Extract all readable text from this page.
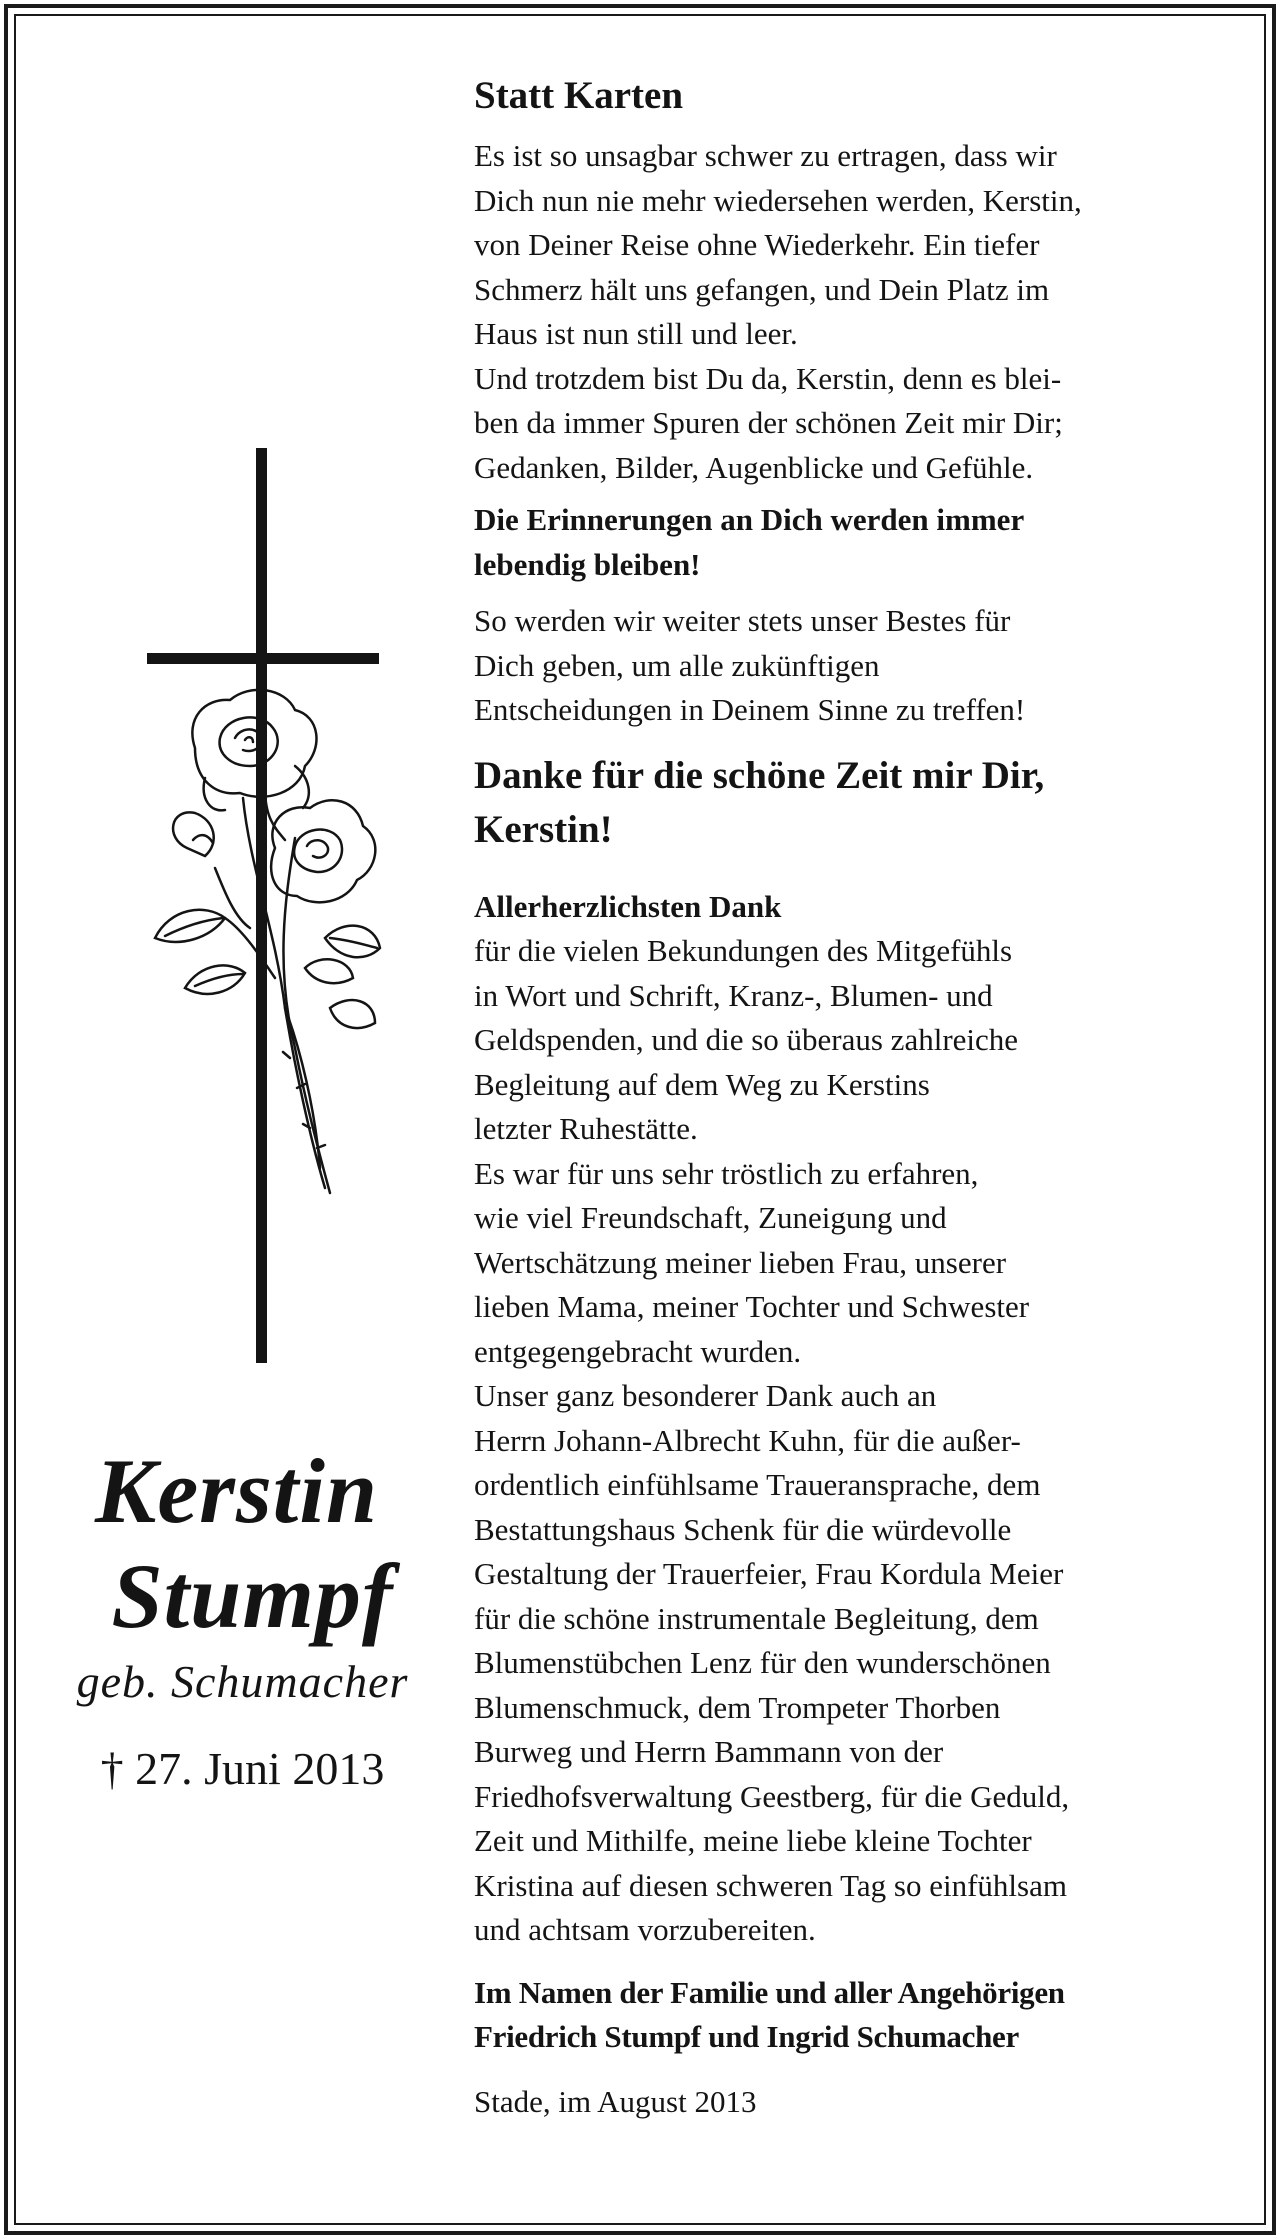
Kerstin
Stumpf
geb. Schumacher
† 27. Juni 2013
Statt Karten
Es ist so unsagbar schwer zu ertragen, dass wir
Dich nun nie mehr wiedersehen werden, Kerstin,
von Deiner Reise ohne Wiederkehr. Ein tiefer
Schmerz hält uns gefangen, und Dein Platz im
Haus ist nun still und leer.
Und trotzdem bist Du da, Kerstin, denn es blei-
ben da immer Spuren der schönen Zeit mir Dir;
Gedanken, Bilder, Augenblicke und Gefühle.
Die Erinnerungen an Dich werden immer
lebendig bleiben!
So werden wir weiter stets unser Bestes für
Dich geben, um alle zukünftigen
Entscheidungen in Deinem Sinne zu treffen!
Danke für die schöne Zeit mir Dir,
Kerstin!
Allerherzlichsten Dank
für die vielen Bekundungen des Mitgefühls
in Wort und Schrift, Kranz-, Blumen- und
Geldspenden, und die so überaus zahlreiche
Begleitung auf dem Weg zu Kerstins
letzter Ruhestätte.
Es war für uns sehr tröstlich zu erfahren,
wie viel Freundschaft, Zuneigung und
Wertschätzung meiner lieben Frau, unserer
lieben Mama, meiner Tochter und Schwester
entgegengebracht wurden.
Unser ganz besonderer Dank auch an
Herrn Johann-Albrecht Kuhn, für die außer-
ordentlich einfühlsame Traueransprache, dem
Bestattungshaus Schenk für die würdevolle
Gestaltung der Trauerfeier, Frau Kordula Meier
für die schöne instrumentale Begleitung, dem
Blumenstübchen Lenz für den wunderschönen
Blumenschmuck, dem Trompeter Thorben
Burweg und Herrn Bammann von der
Friedhofsverwaltung Geestberg, für die Geduld,
Zeit und Mithilfe, meine liebe kleine Tochter
Kristina auf diesen schweren Tag so einfühlsam
und achtsam vorzubereiten.
Im Namen der Familie und aller Angehörigen
Friedrich Stumpf und Ingrid Schumacher
Stade, im August 2013
